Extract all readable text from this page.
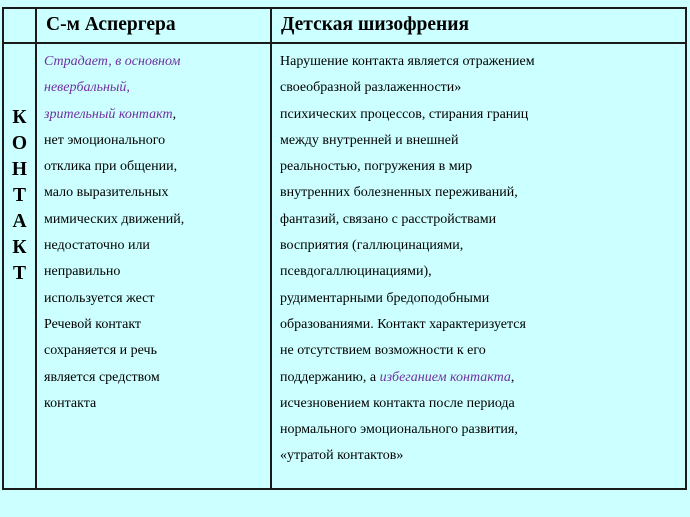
С-м Аспергера	Детская шизофрения
К
О
Н
Т
А
К
Т
Страдает, в основном
невербальный,
зрительный контакт,
нет эмоционального
отклика при общении,
мало выразительных
мимических движений,
недостаточно или
неправильно
используется жест
Речевой контакт
сохраняется и речь
является средством
контакта
Нарушение контакта является отражением
своеобразной разлаженности»
психических процессов, стирания границ
между внутренней и внешней
реальностью, погружения в мир
внутренних болезненных переживаний,
фантазий, связано с расстройствами
восприятия (галлюцинациями,
псевдогаллюцинациями),
рудиментарными бредоподобными
образованиями. Контакт характеризуется
не отсутствием возможности к его
поддержанию, а избеганием контакта,
исчезновением контакта после периода
нормального эмоционального развития,
«утратой контактов»
